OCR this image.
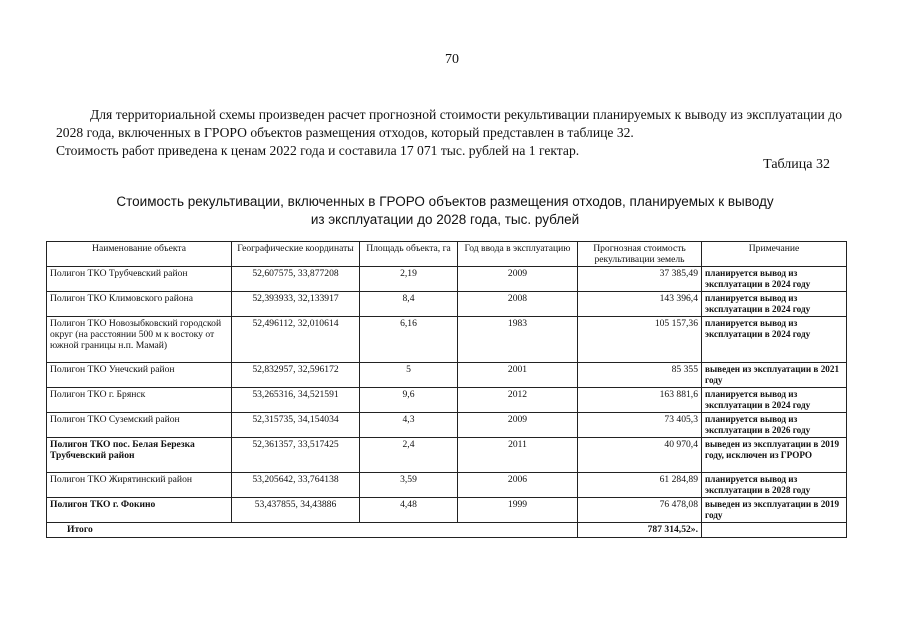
70
Для территориальной схемы произведен расчет прогнозной стоимости рекультивации планируемых к выводу из эксплуатации до 2028 года, включенных в ГРОРО объектов размещения отходов, который представлен в таблице 32.
Стоимость работ приведена к ценам 2022 года и составила 17 071 тыс. рублей на 1 гектар.
Таблица 32
Стоимость рекультивации, включенных в ГРОРО объектов размещения отходов, планируемых к выводу
из эксплуатации до 2028 года, тыс. рублей
Наименование объекта	Географические координаты	Площадь объекта, га	Год ввода в эксплуатацию	Прогнозная стоимость рекультивации земель	Примечание
Полигон ТКО Трубчевский район	52,607575, 33,877208	2,19	2009	37 385,49	планируется вывод из эксплуатации в 2024 году
Полигон ТКО Климовского района	52,393933, 32,133917	8,4	2008	143 396,4	планируется вывод из эксплуатации в 2024 году
Полигон ТКО Новозыбковский городской округ (на расстоянии 500 м к востоку от южной границы н.п. Мамай)	52,496112, 32,010614	6,16	1983	105 157,36	планируется вывод из эксплуатации в 2024 году
Полигон ТКО Унечский район	52,832957, 32,596172	5	2001	85 355	выведен из эксплуатации в 2021 году
Полигон ТКО г. Брянск	53,265316, 34,521591	9,6	2012	163 881,6	планируется вывод из эксплуатации в 2024 году
Полигон ТКО Суземский район	52,315735, 34,154034	4,3	2009	73 405,3	планируется вывод из эксплуатации в 2026 году
Полигон ТКО пос. Белая Березка Трубчевский район	52,361357, 33,517425	2,4	2011	40 970,4	выведен из эксплуатации в 2019 году, исключен из ГРОРО
Полигон ТКО Жирятинский район	53,205642, 33,764138	3,59	2006	61 284,89	планируется вывод из эксплуатации в 2028 году
Полигон ТКО г. Фокино	53,437855, 34,43886	4,48	1999	76 478,08	выведен из эксплуатации в 2019 году
Итого				787 314,52».	
